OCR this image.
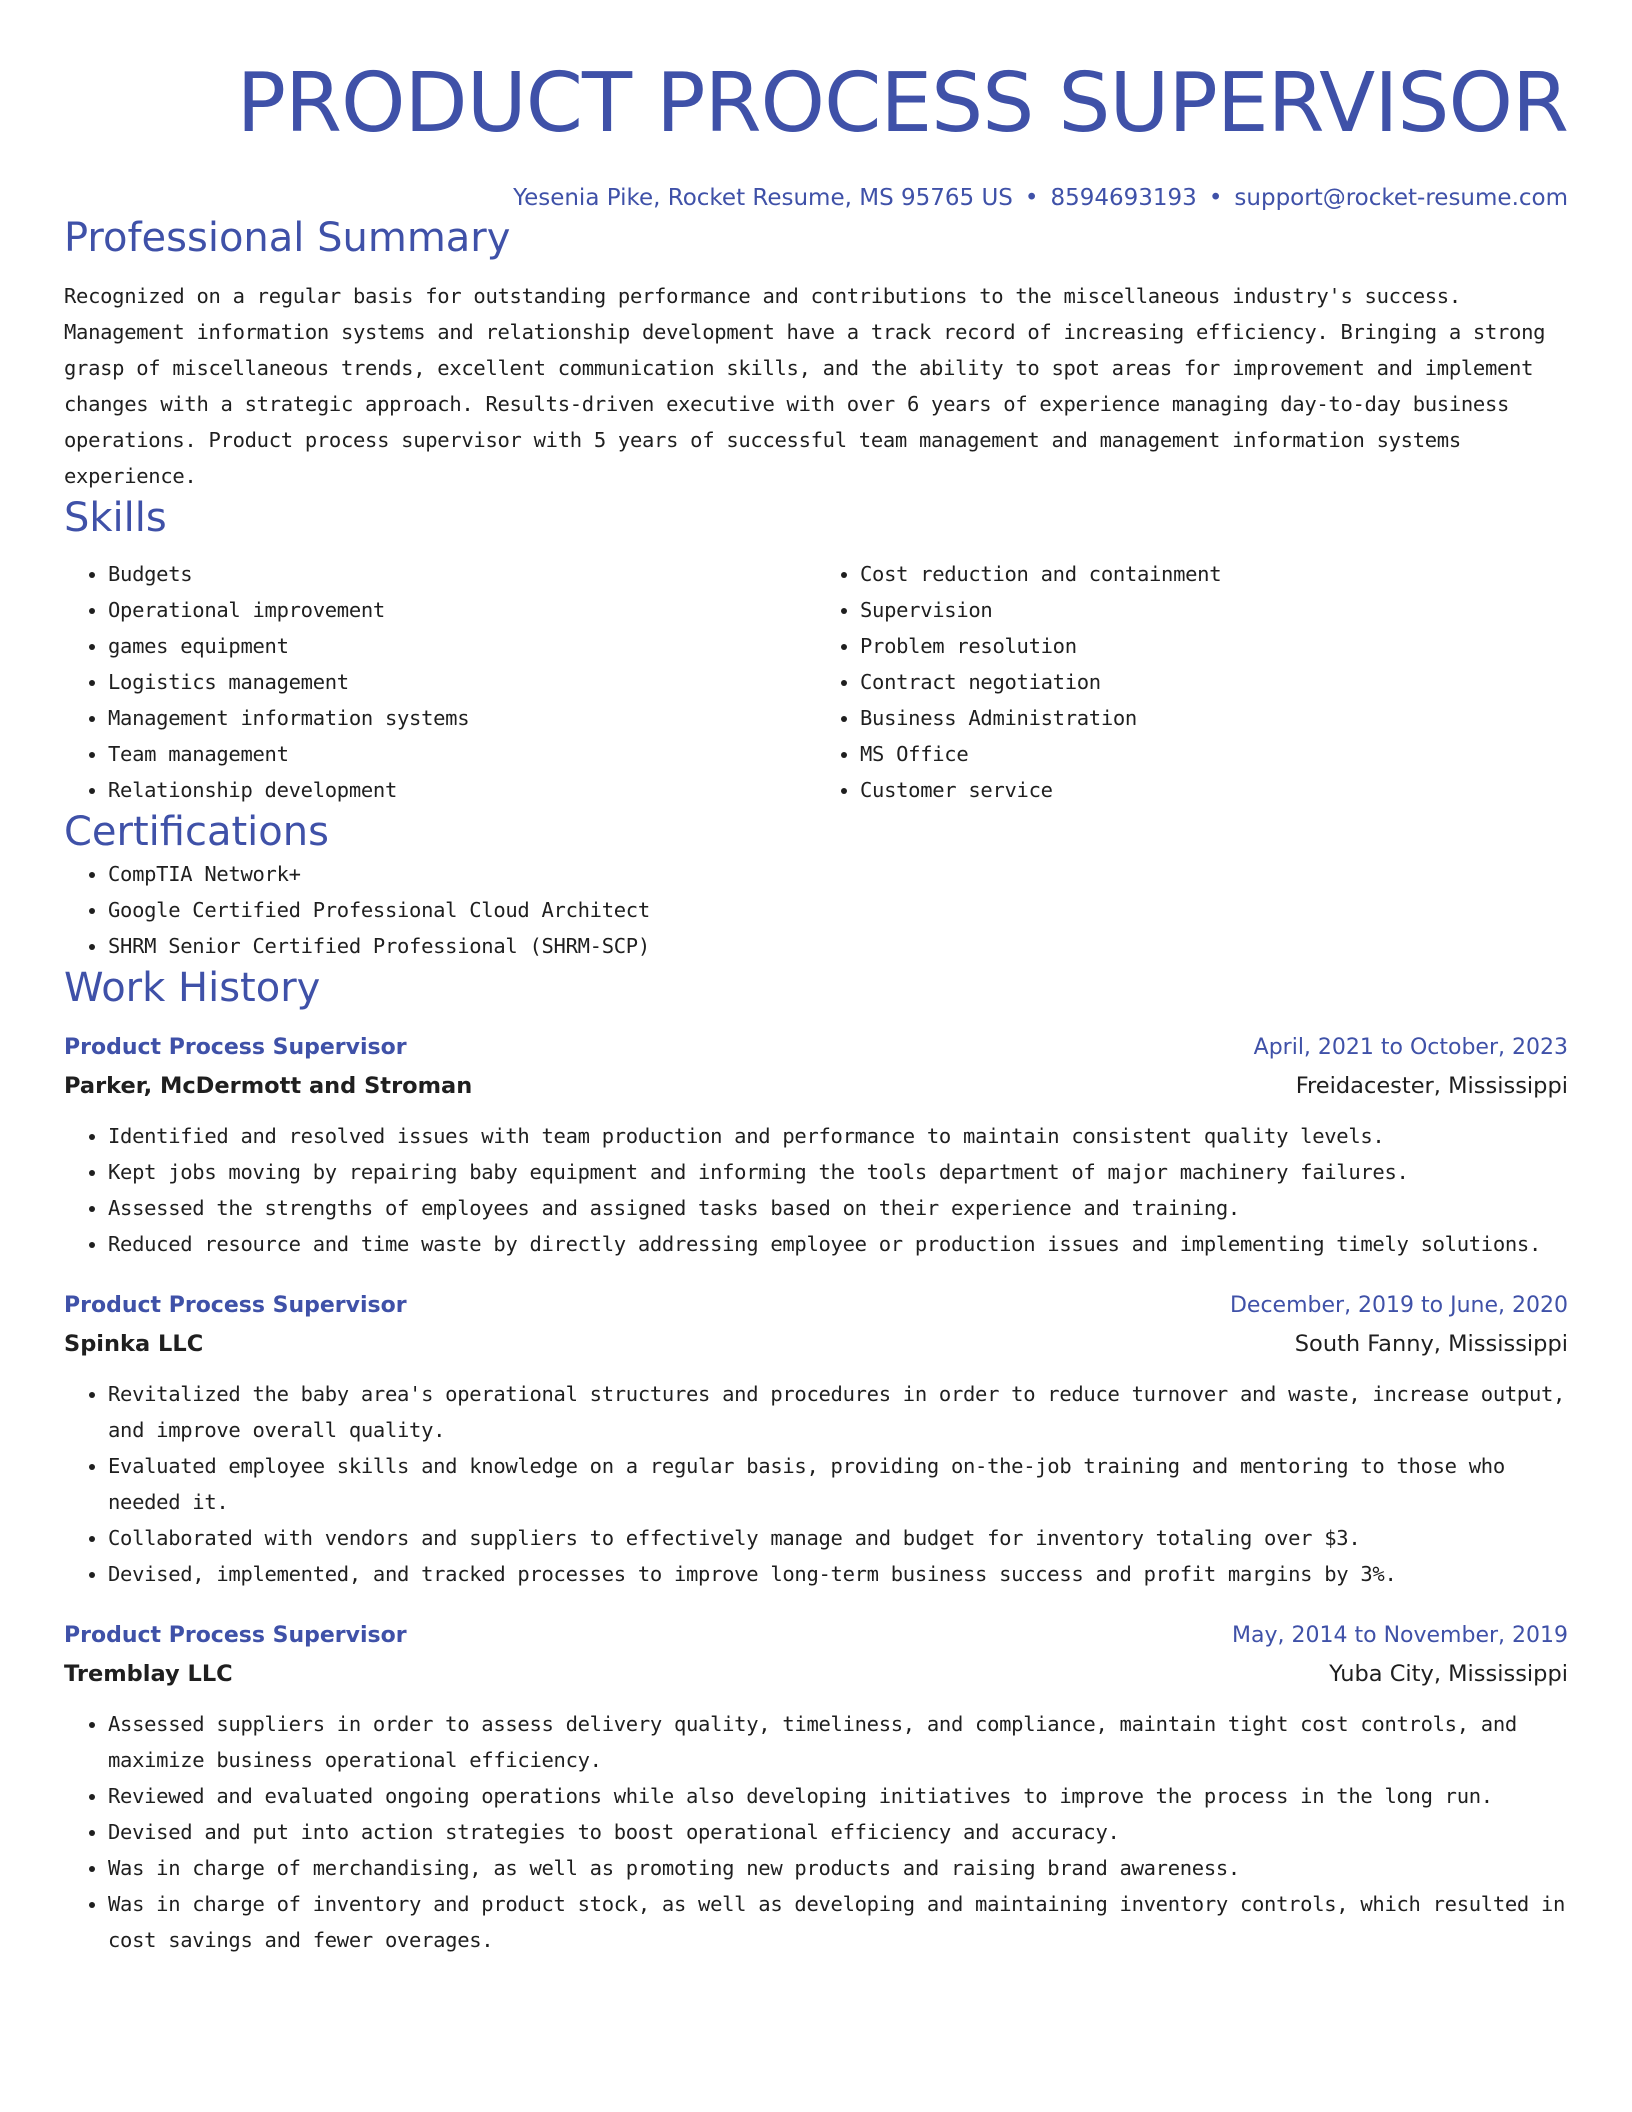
PRODUCT PROCESS SUPERVISOR
Yesenia Pike, Rocket Resume, MS 95765 US • 8594693193 • support@rocket-resume.com
Professional Summary
Recognized on a regular basis for outstanding performance and contributions to the miscellaneous industry's success. Management information systems and relationship development have a track record of increasing efficiency. Bringing a strong grasp of miscellaneous trends, excellent communication skills, and the ability to spot areas for improvement and implement changes with a strategic approach. Results-driven executive with over 6 years of experience managing day-to-day business operations. Product process supervisor with 5 years of successful team management and management information systems experience.
Skills
• Budgets
• Operational improvement
• games equipment
• Logistics management
• Management information systems
• Team management
• Relationship development
• Cost reduction and containment
• Supervision
• Problem resolution
• Contract negotiation
• Business Administration
• MS Office
• Customer service
Certifications
• CompTIA Network+
• Google Certified Professional Cloud Architect
• SHRM Senior Certified Professional (SHRM-SCP)
Work History
Product Process Supervisor	April, 2021 to October, 2023
Parker, McDermott and Stroman	Freidacester, Mississippi
• Identified and resolved issues with team production and performance to maintain consistent quality levels.
• Kept jobs moving by repairing baby equipment and informing the tools department of major machinery failures.
• Assessed the strengths of employees and assigned tasks based on their experience and training.
• Reduced resource and time waste by directly addressing employee or production issues and implementing timely solutions.
Product Process Supervisor	December, 2019 to June, 2020
Spinka LLC	South Fanny, Mississippi
• Revitalized the baby area's operational structures and procedures in order to reduce turnover and waste, increase output, and improve overall quality.
• Evaluated employee skills and knowledge on a regular basis, providing on-the-job training and mentoring to those who needed it.
• Collaborated with vendors and suppliers to effectively manage and budget for inventory totaling over $3.
• Devised, implemented, and tracked processes to improve long-term business success and profit margins by 3%.
Product Process Supervisor	May, 2014 to November, 2019
Tremblay LLC	Yuba City, Mississippi
• Assessed suppliers in order to assess delivery quality, timeliness, and compliance, maintain tight cost controls, and maximize business operational efficiency.
• Reviewed and evaluated ongoing operations while also developing initiatives to improve the process in the long run.
• Devised and put into action strategies to boost operational efficiency and accuracy.
• Was in charge of merchandising, as well as promoting new products and raising brand awareness.
• Was in charge of inventory and product stock, as well as developing and maintaining inventory controls, which resulted in cost savings and fewer overages.
